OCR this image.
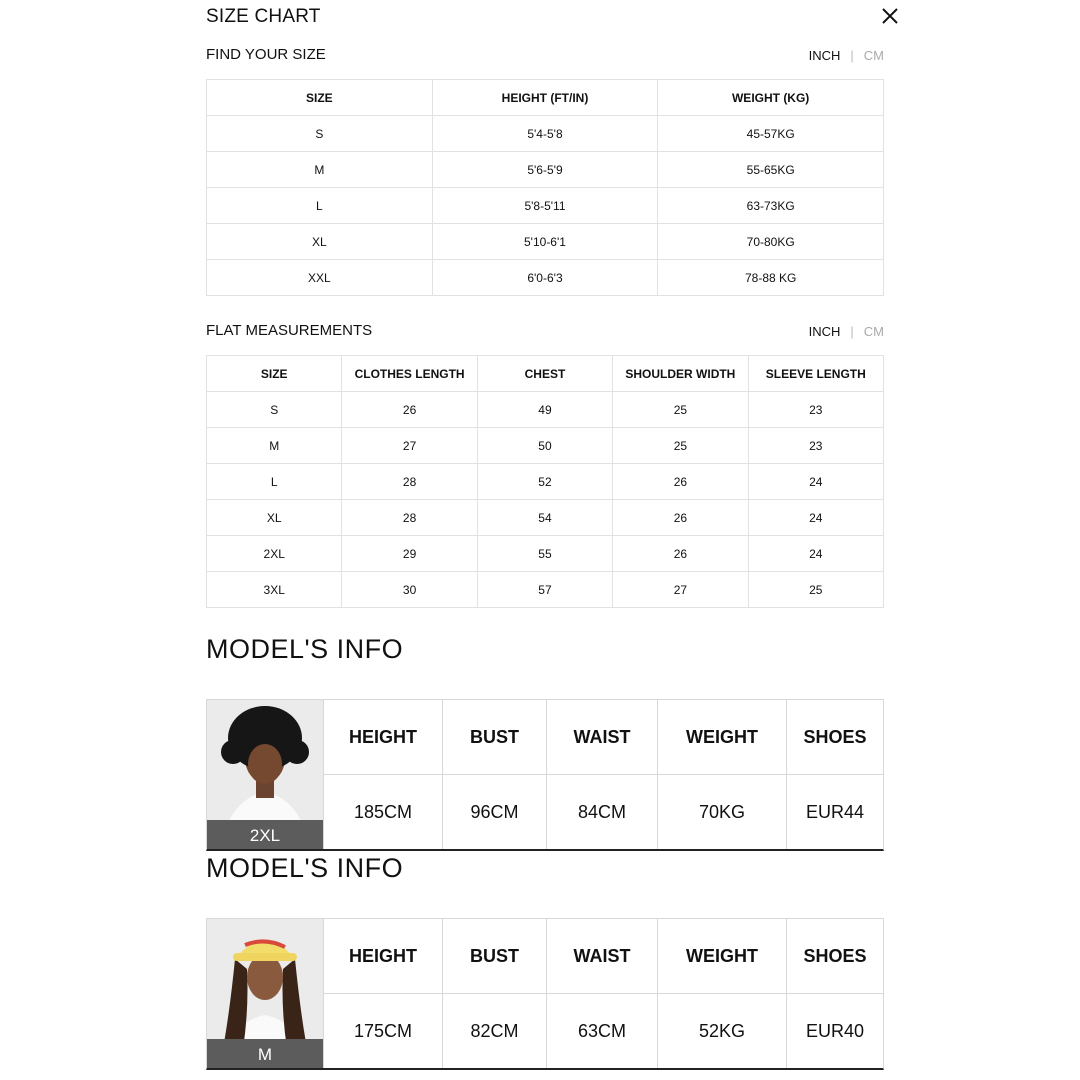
SIZE CHART
FIND YOUR SIZE	INCH | CM
SIZE	HEIGHT (FT/IN)	WEIGHT (KG)
S	5'4-5'8	45-57KG
M	5'6-5'9	55-65KG
L	5'8-5'11	63-73KG
XL	5'10-6'1	70-80KG
XXL	6'0-6'3	78-88 KG
FLAT MEASUREMENTS	INCH | CM
SIZE	CLOTHES LENGTH	CHEST	SHOULDER WIDTH	SLEEVE LENGTH
S	26	49	25	23
M	27	50	25	23
L	28	52	26	24
XL	28	54	26	24
2XL	29	55	26	24
3XL	30	57	27	25
MODEL'S INFO
2XL
HEIGHT	BUST	WAIST	WEIGHT	SHOES
185CM	96CM	84CM	70KG	EUR44
MODEL'S INFO
M
HEIGHT	BUST	WAIST	WEIGHT	SHOES
175CM	82CM	63CM	52KG	EUR40
